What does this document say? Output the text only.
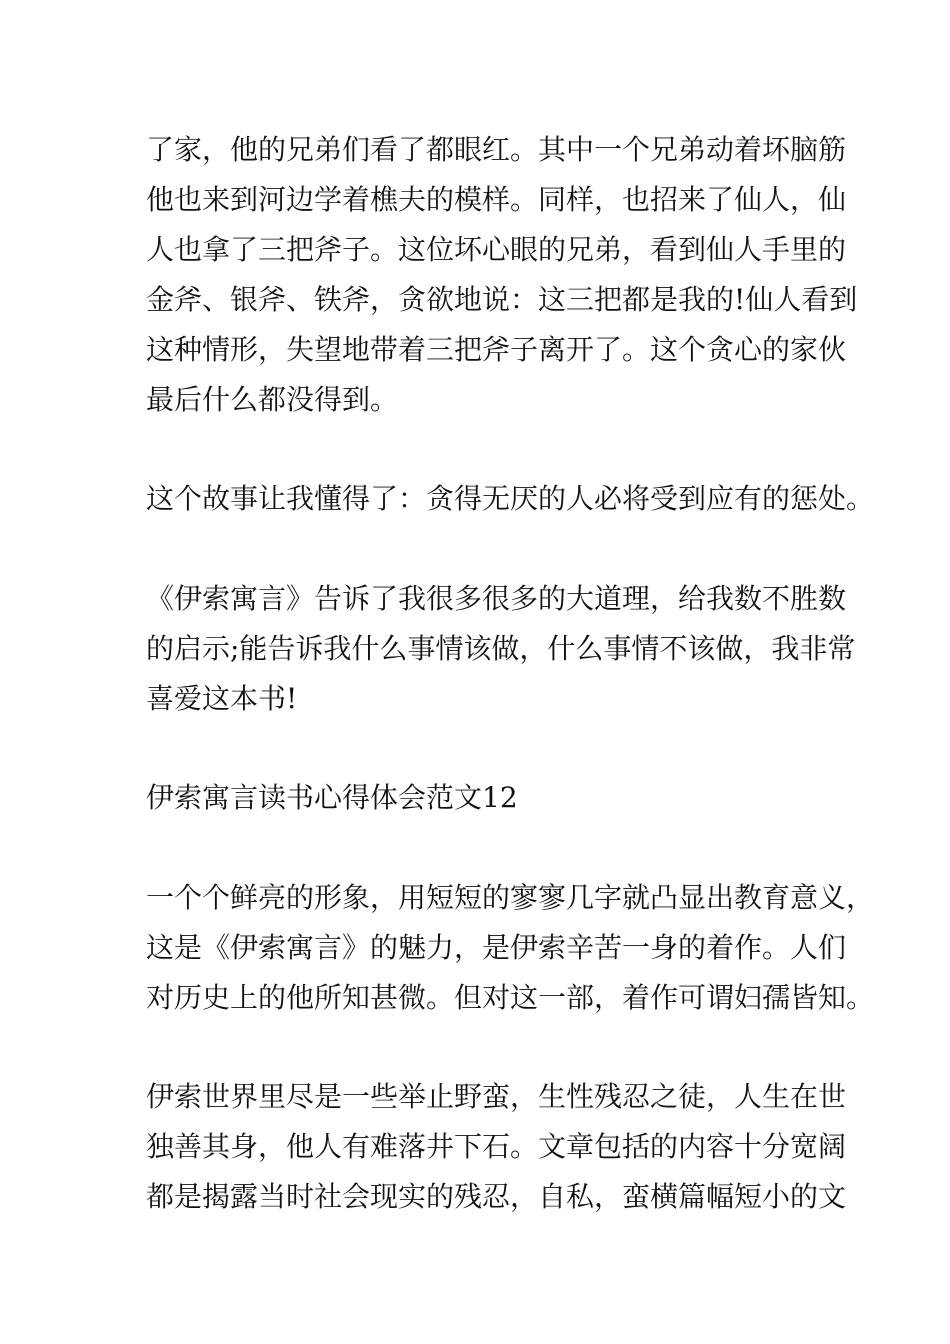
了家，他的兄弟们看了都眼红。其中一个兄弟动着坏脑筋
他也来到河边学着樵夫的模样。同样，也招来了仙人，仙
人也拿了三把斧子。这位坏心眼的兄弟，看到仙人手里的
金斧、银斧、铁斧，贪欲地说：这三把都是我的!仙人看到
这种情形，失望地带着三把斧子离开了。这个贪心的家伙
最后什么都没得到。
这个故事让我懂得了：贪得无厌的人必将受到应有的惩处。
《伊索寓言》告诉了我很多很多的大道理，给我数不胜数
的启示;能告诉我什么事情该做，什么事情不该做，我非常
喜爱这本书!
伊索寓言读书心得体会范文12
一个个鲜亮的形象，用短短的寥寥几字就凸显出教育意义，
这是《伊索寓言》的魅力，是伊索辛苦一身的着作。人们
对历史上的他所知甚微。但对这一部，着作可谓妇孺皆知。
伊索世界里尽是一些举止野蛮，生性残忍之徒，人生在世
独善其身，他人有难落井下石。文章包括的内容十分宽阔
都是揭露当时社会现实的残忍，自私，蛮横篇幅短小的文
